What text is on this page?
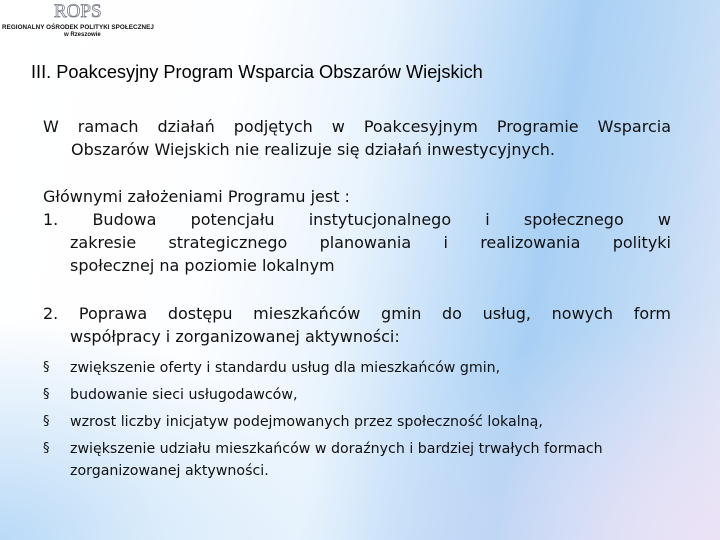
ROPS
REGIONALNY OŚRODEK POLITYKI SPOŁECZNEJ
w Rzeszowie
III. Poakcesyjny Program Wsparcia Obszarów Wiejskich
W ramach działań podjętych w Poakcesyjnym Programie Wsparcia
Obszarów Wiejskich nie realizuje się działań inwestycyjnych.
Głównymi założeniami Programu jest :
1. Budowa potencjału instytucjonalnego i społecznego w
zakresie strategicznego planowania i realizowania polityki
społecznej na poziomie lokalnym
2. Poprawa dostępu mieszkańców gmin do usług, nowych form
współpracy i zorganizowanej aktywności:
§ zwiększenie oferty i standardu usług dla mieszkańców gmin,
§ budowanie sieci usługodawców,
§ wzrost liczby inicjatyw podejmowanych przez społeczność lokalną,
§ zwiększenie udziału mieszkańców w doraźnych i bardziej trwałych formach zorganizowanej aktywności.
